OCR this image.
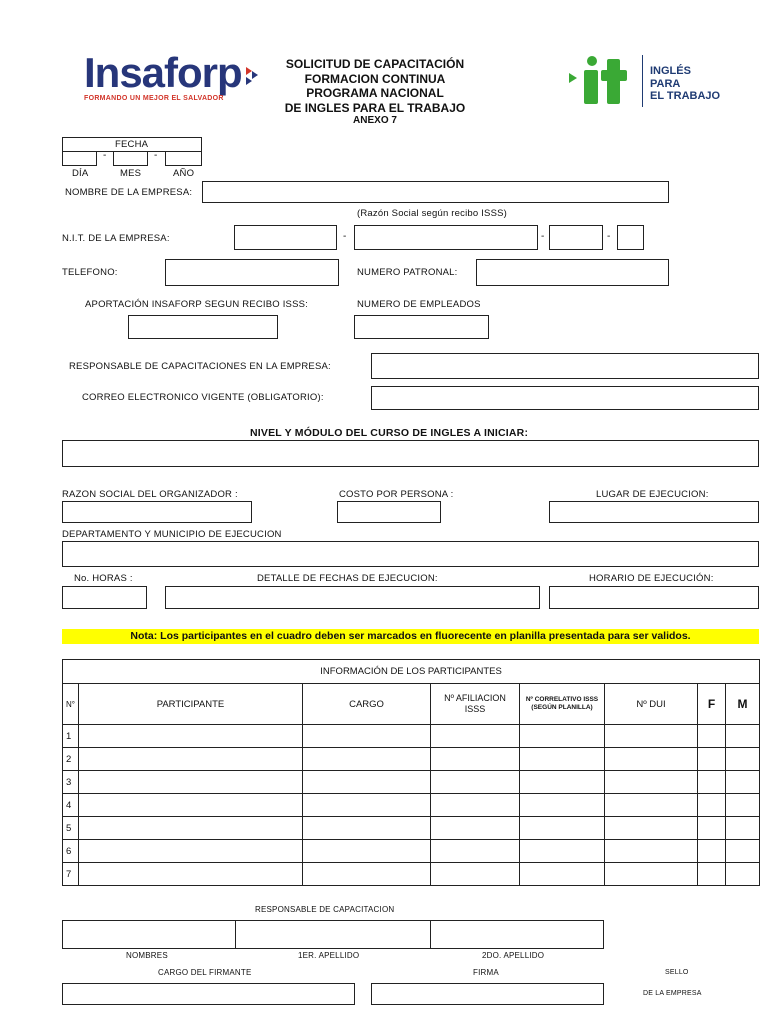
Insaforp
FORMANDO UN MEJOR EL SALVADOR
SOLICITUD DE CAPACITACIÓN
FORMACION CONTINUA
PROGRAMA NACIONAL
DE INGLES PARA EL TRABAJO
ANEXO 7
INGLÉS
PARA
EL TRABAJO
FECHA
-	-
DÍA	MES	AÑO
NOMBRE DE LA EMPRESA:
(Razón Social según recibo ISSS)
N.I.T. DE LA EMPRESA:	-	-	-
TELEFONO:	NUMERO PATRONAL:
APORTACIÓN INSAFORP SEGUN RECIBO ISSS:	NUMERO DE EMPLEADOS
RESPONSABLE DE CAPACITACIONES EN LA EMPRESA:
CORREO ELECTRONICO VIGENTE (OBLIGATORIO):
NIVEL Y MÓDULO DEL CURSO DE INGLES A INICIAR:
RAZON SOCIAL DEL ORGANIZADOR :	COSTO POR PERSONA :	LUGAR DE EJECUCION:
DEPARTAMENTO Y MUNICIPIO DE EJECUCION
No. HORAS :	DETALLE DE FECHAS DE EJECUCION:	HORARIO DE EJECUCIÓN:
Nota: Los participantes en el cuadro deben ser marcados en fluorecente en planilla presentada para ser validos.
INFORMACIÓN DE LOS PARTICIPANTES							
N°	PARTICIPANTE	CARGO	Nº AFILIACION ISSS	Nº CORRELATIVO ISSS (SEGÚN PLANILLA)	Nº DUI	F	M
1							
2							
3							
4							
5							
6							
7							
RESPONSABLE DE CAPACITACION
NOMBRES	1ER. APELLIDO	2DO. APELLIDO
CARGO DEL FIRMANTE	FIRMA	SELLO
DE LA EMPRESA
